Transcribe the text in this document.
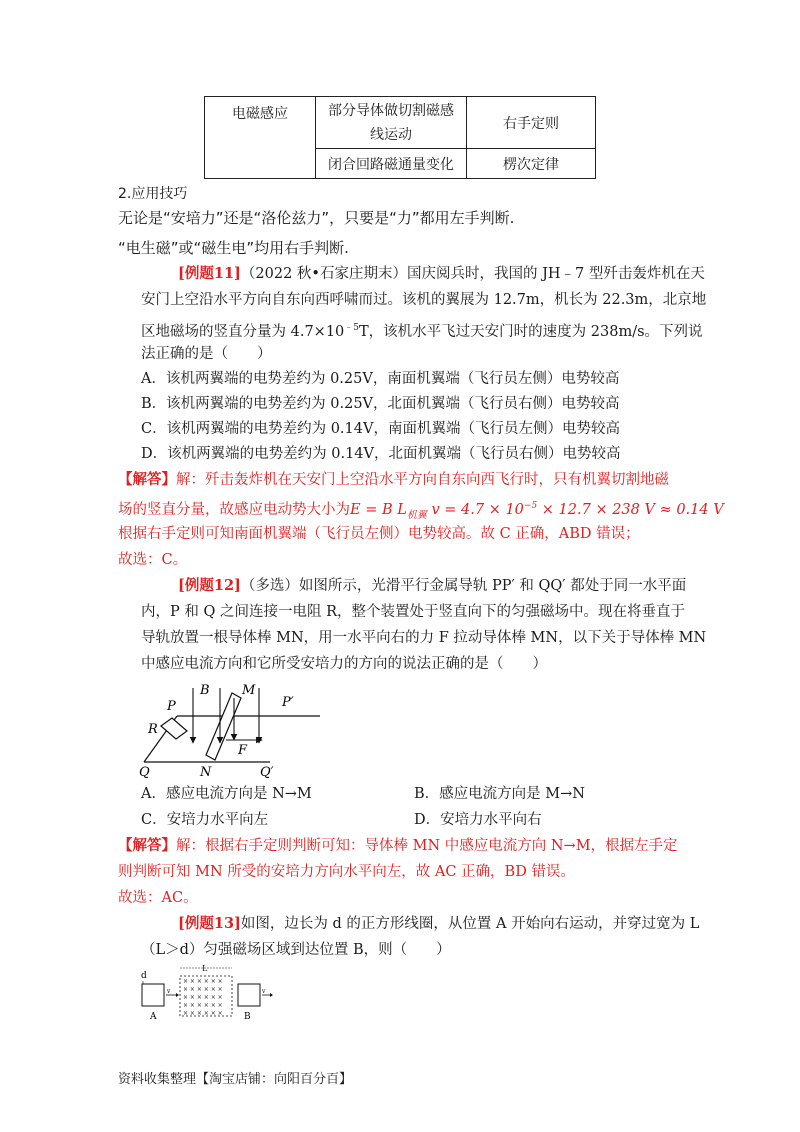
电磁感应	部分导体做切割磁感
线运动	右手定则
	闭合回路磁通量变化	楞次定律
2.应用技巧
无论是“安培力”还是“洛伦兹力”，只要是“力”都用左手判断.
“电生磁”或“磁生电”均用右手判断.
[例题11]（2022 秋•石家庄期末）国庆阅兵时，我国的 JH﹣7 型歼击轰炸机在天
安门上空沿水平方向自东向西呼啸而过。该机的翼展为 12.7m，机长为 22.3m，北京地
区地磁场的竖直分量为 $4.7\times 10^{﹣5}T$，该机水平飞过天安门时的速度为 238m/s。下列说
法正确的是（　　）
A．该机两翼端的电势差约为 0.25V，南面机翼端（飞行员左侧）电势较高
B．该机两翼端的电势差约为 0.25V，北面机翼端（飞行员右侧）电势较高
C．该机两翼端的电势差约为 0.14V，南面机翼端（飞行员左侧）电势较高
D．该机两翼端的电势差约为 0.14V，北面机翼端（飞行员右侧）电势较高
【解答】解：歼击轰炸机在天安门上空沿水平方向自东向西飞行时，只有机翼切割地磁
场的竖直分量，故感应电动势大小为E = B $L_{机翼}$ $v = 4.7 \times 10^{-5} \times 12.7 \times 238$ V ≈ 0.14 V
根据右手定则可知南面机翼端（飞行员左侧）电势较高。故 C 正确，ABD 错误；
故选：C。
[例题12]（多选）如图所示，光滑平行金属导轨 PP′ 和 QQ′ 都处于同一水平面
内，P 和 Q 之间连接一电阻 R，整个装置处于竖直向下的匀强磁场中。现在将垂直于
导轨放置一根导体棒 MN，用一水平向右的力 F 拉动导体棒 MN，以下关于导体棒 MN
中感应电流方向和它所受安培力的方向的说法正确的是（　　）
B M
P	P′
R
F
Q	N	Q′
A．感应电流方向是 N→M	B．感应电流方向是 M→N
C．安培力水平向左	D．安培力水平向右
【解答】解：根据右手定则判断可知：导体棒 MN 中感应电流方向 N→M，根据左手定
则判断可知 MN 所受的安培力方向水平向左，故 AC 正确，BD 错误。
故选：AC。
[例题13]如图，边长为 d 的正方形线圈，从位置 A 开始向右运动，并穿过宽为 L
（L＞d）匀强磁场区域到达位置 B，则（　　）
d
v
A
× × × × × ×
× × × × × ×
× × × × × ×
× × × × × ×
× × × × × ×
L
v
B
资料收集整理【淘宝店铺：向阳百分百】
